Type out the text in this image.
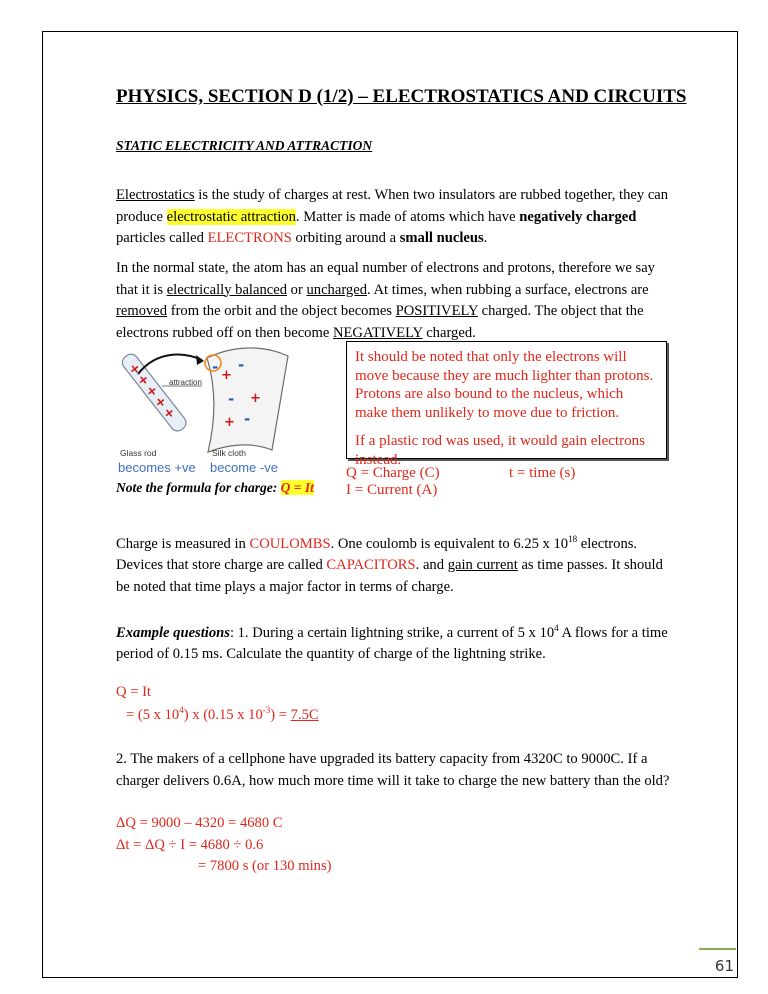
PHYSICS, SECTION D (1/2) – ELECTROSTATICS AND CIRCUITS

STATIC ELECTRICITY AND ATTRACTION

Electrostatics is the study of charges at rest. When two insulators are rubbed together, they can produce electrostatic attraction. Matter is made of atoms which have negatively charged particles called ELECTRONS orbiting around a small nucleus.

In the normal state, the atom has an equal number of electrons and protons, therefore we say that it is electrically balanced or uncharged. At times, when rubbing a surface, electrons are removed from the orbit and the object becomes POSITIVELY charged. The object that the electrons rubbed off on then become NEGATIVELY charged.

+
+
+
+
+
- +
-
+
-
+ -
attraction
Glass rod	Silk cloth
becomes +ve become -ve

It should be noted that only the electrons will move because they are much lighter than protons. Protons are also bound to the nucleus, which make them unlikely to move due to friction.

If a plastic rod was used, it would gain electrons instead.

Note the formula for charge: Q = It

Q = Charge (C)

I = Current (A)

t = time (s)

Charge is measured in COULOMBS. One coulomb is equivalent to 6.25 x $10^{18}$ electrons. Devices that store charge are called CAPACITORS. and gain current as time passes. It should be noted that time plays a major factor in terms of charge.

Example questions: 1. During a certain lightning strike, a current of 5 x $10^4$ A flows for a time period of 0.15 ms. Calculate the quantity of charge of the lightning strike.

Q = It

= (5 x $10^4$) x (0.15 x $10^{-3}) = 7.5C$

2. The makers of a cellphone have upgraded its battery capacity from 4320C to 9000C. If a charger delivers 0.6A, how much more time will it take to charge the new battery than the old?

ΔQ = 9000 – 4320 = 4680 C

Δt = ΔQ ÷ I = 4680 ÷ 0.6

= 7800 s (or 130 mins)

61
